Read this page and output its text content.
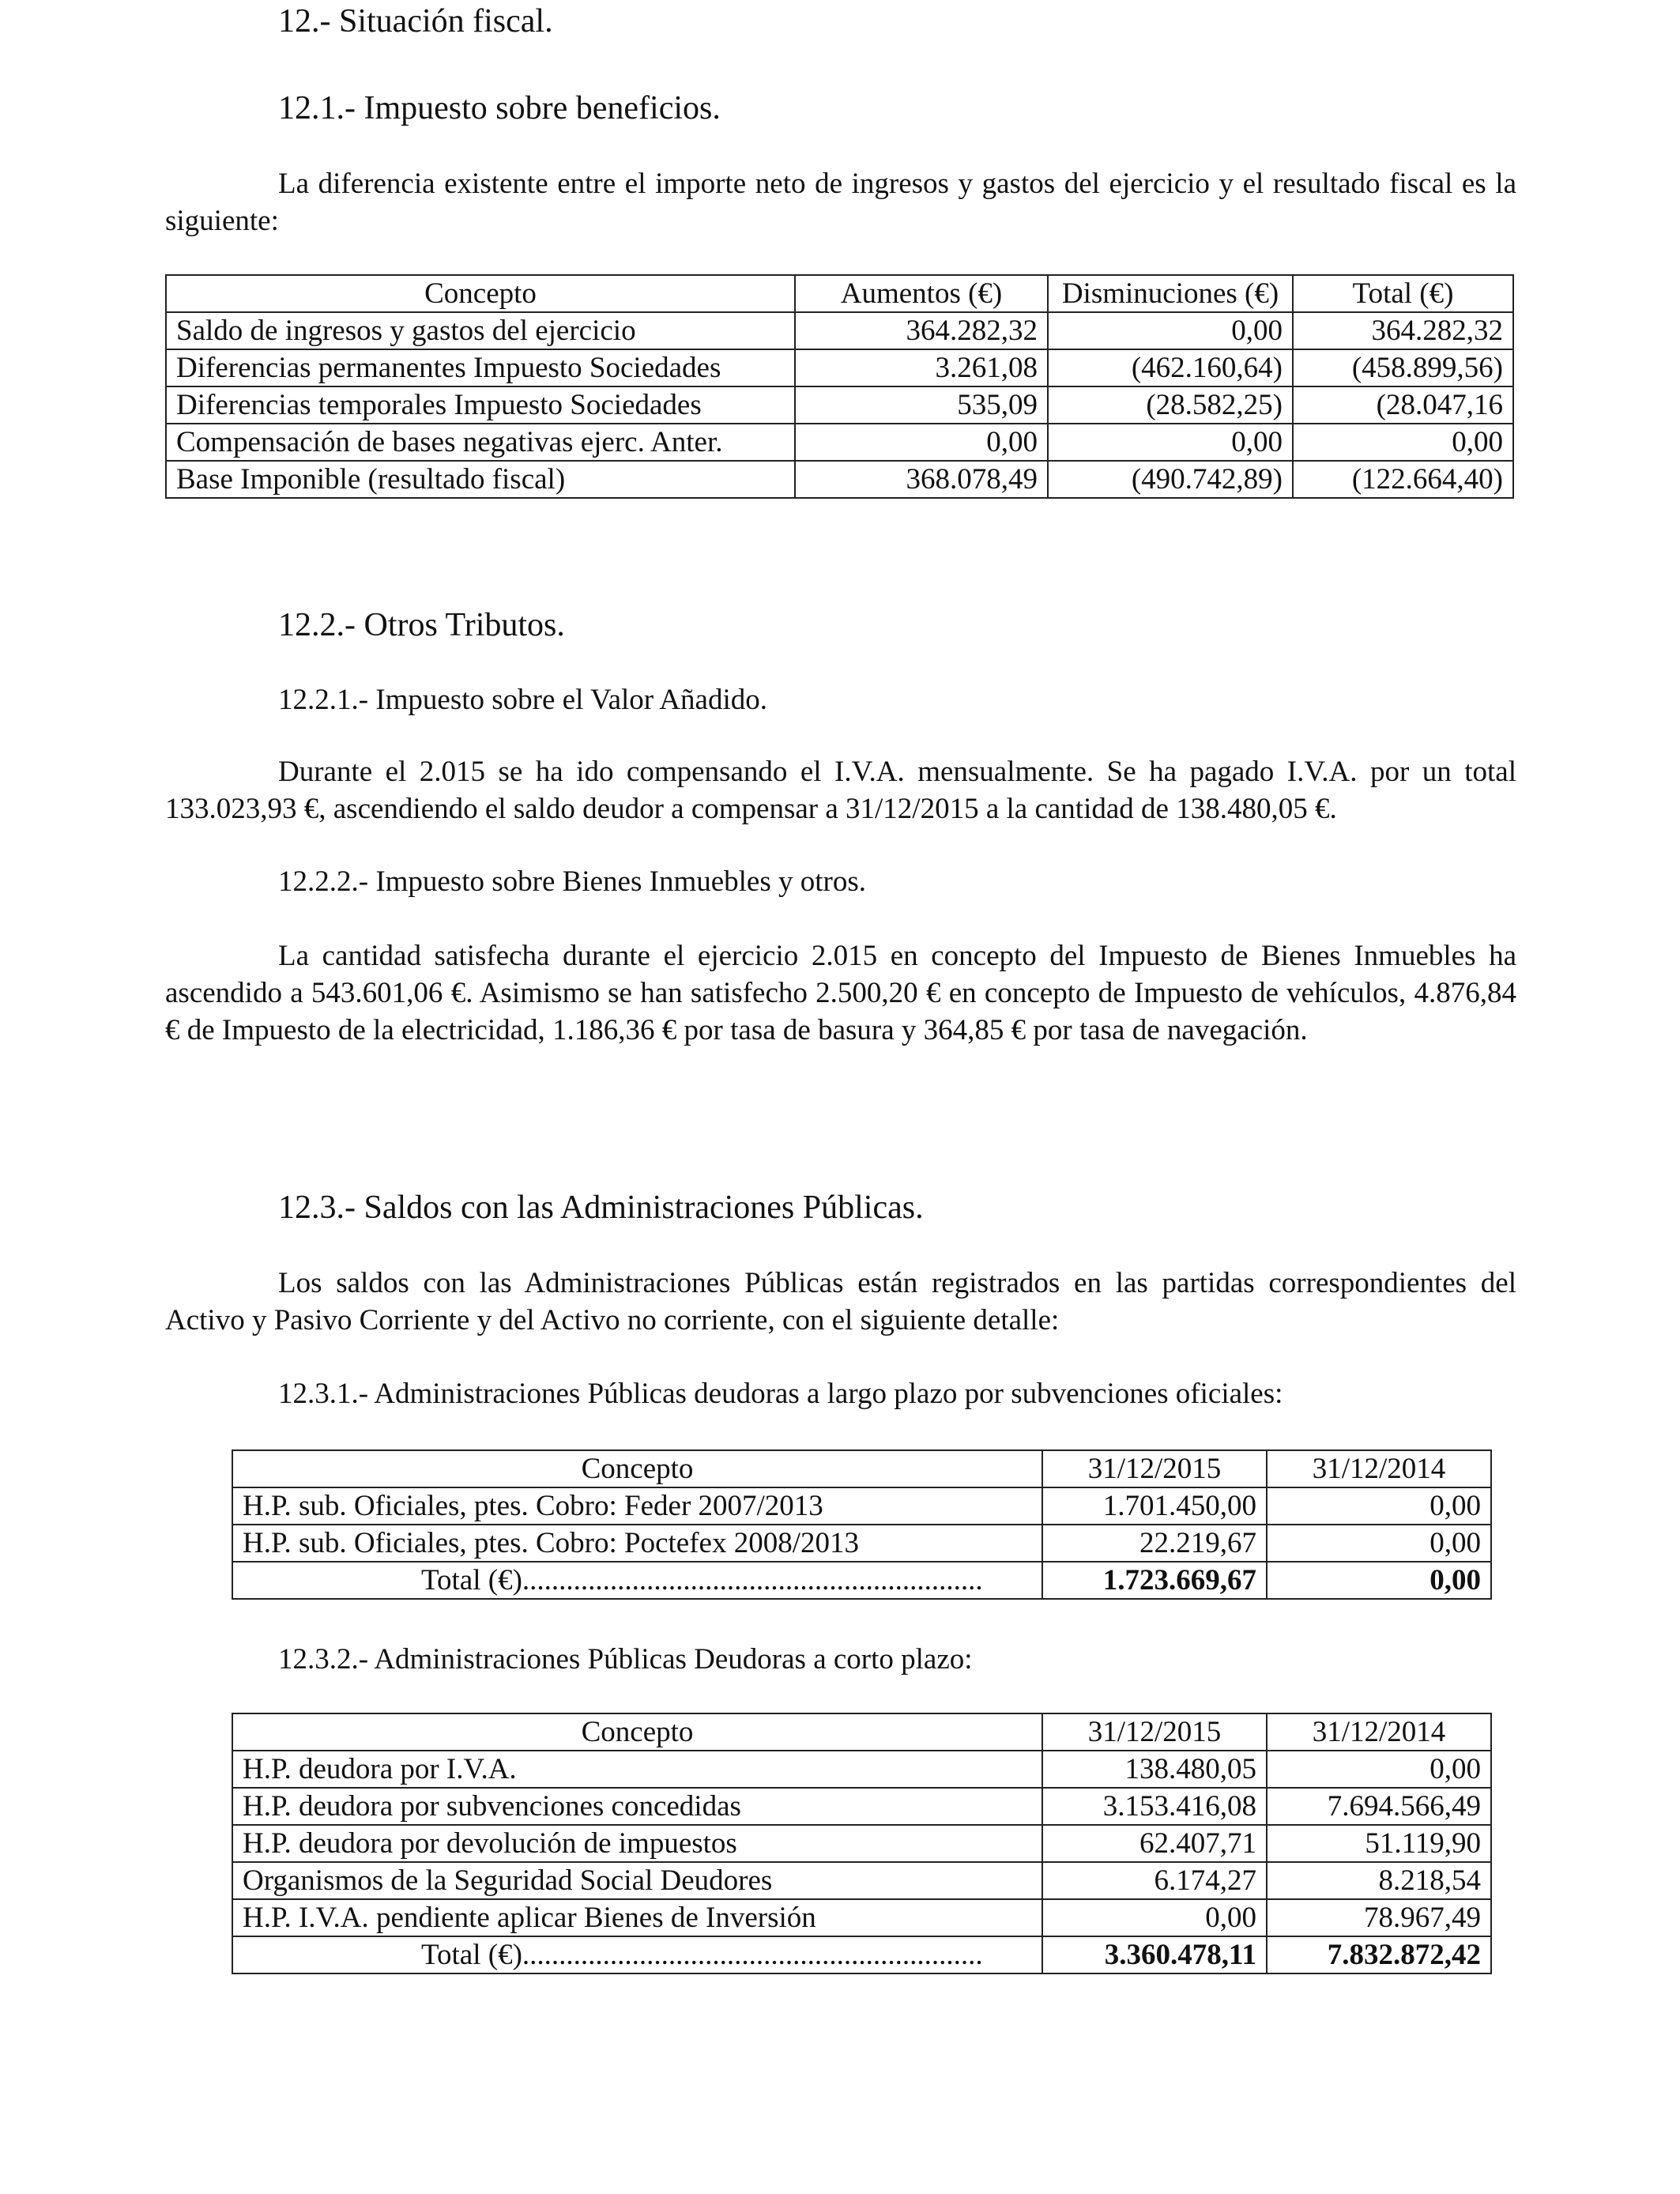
12.- Situación fiscal.
12.1.- Impuesto sobre beneficios.

La diferencia existente entre el importe neto de ingresos y gastos del ejercicio y el resultado fiscal es la siguiente:

Concepto	Aumentos (€)	Disminuciones (€)	Total (€)
Saldo de ingresos y gastos del ejercicio	364.282,32	0,00	364.282,32
Diferencias permanentes Impuesto Sociedades	3.261,08	(462.160,64)	(458.899,56)
Diferencias temporales Impuesto Sociedades	535,09	(28.582,25)	(28.047,16
Compensación de bases negativas ejerc. Anter.	0,00	0,00	0,00
Base Imponible (resultado fiscal)	368.078,49	(490.742,89)	(122.664,40)
12.2.- Otros Tributos.
12.2.1.- Impuesto sobre el Valor Añadido.

Durante el 2.015 se ha ido compensando el I.V.A. mensualmente. Se ha pagado I.V.A. por un total 133.023,93 €, ascendiendo el saldo deudor a compensar a 31/12/2015 a la cantidad de 138.480,05 €.

12.2.2.- Impuesto sobre Bienes Inmuebles y otros.

La cantidad satisfecha durante el ejercicio 2.015 en concepto del Impuesto de Bienes Inmuebles ha ascendido a 543.601,06 €. Asimismo se han satisfecho 2.500,20 € en concepto de Impuesto de vehículos, 4.876,84 € de Impuesto de la electricidad, 1.186,36 € por tasa de basura y 364,85 € por tasa de navegación.

12.3.- Saldos con las Administraciones Públicas.

Los saldos con las Administraciones Públicas están registrados en las partidas correspondientes del Activo y Pasivo Corriente y del Activo no corriente, con el siguiente detalle:

12.3.1.- Administraciones Públicas deudoras a largo plazo por subvenciones oficiales:
Concepto	31/12/2015	31/12/2014
H.P. sub. Oficiales, ptes. Cobro: Feder 2007/2013	1.701.450,00	0,00
H.P. sub. Oficiales, ptes. Cobro: Poctefex 2008/2013	22.219,67	0,00
Total (€)...............................................................	1.723.669,67	0,00
12.3.2.- Administraciones Públicas Deudoras a corto plazo:
Concepto	31/12/2015	31/12/2014
H.P. deudora por I.V.A.	138.480,05	0,00
H.P. deudora por subvenciones concedidas	3.153.416,08	7.694.566,49
H.P. deudora por devolución de impuestos	62.407,71	51.119,90
Organismos de la Seguridad Social Deudores	6.174,27	8.218,54
H.P. I.V.A. pendiente aplicar Bienes de Inversión	0,00	78.967,49
Total (€)...............................................................	3.360.478,11	7.832.872,42
